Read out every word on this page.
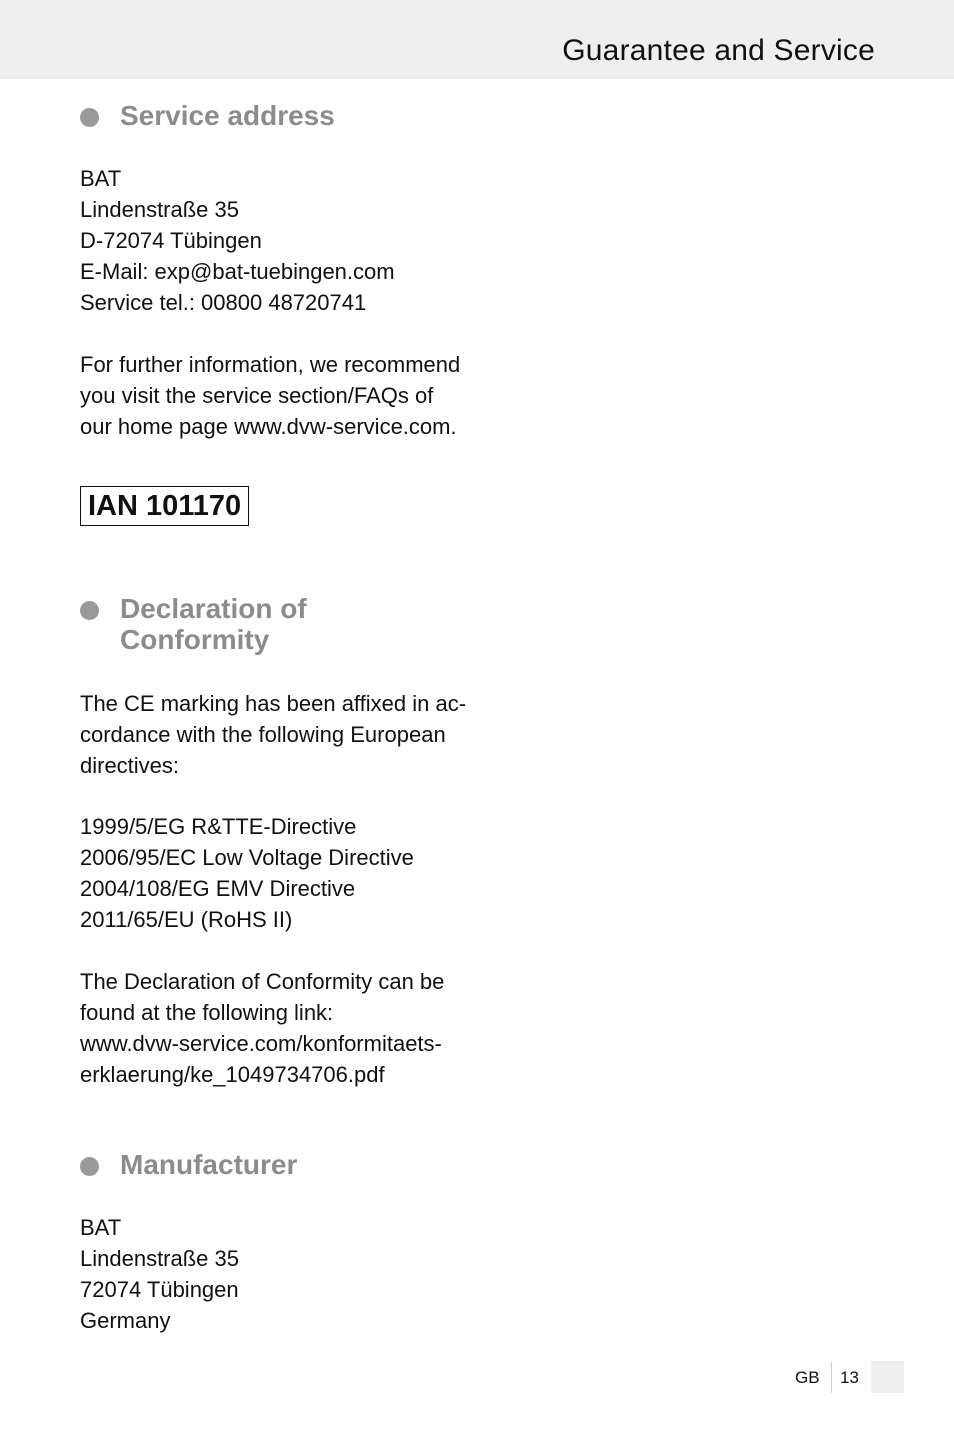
Guarantee and Service
Service address
BAT
Lindenstraße 35
D-72074 Tübingen
E-Mail: exp@bat-tuebingen.com
Service tel.: 00800 48720741
For further information, we recommend
you visit the service section/FAQs of
our home page www.dvw-service.com.
IAN 101170
Declaration of
Conformity
The CE marking has been affixed in ac-
cordance with the following European
directives:
1999/5/EG R&TTE-Directive
2006/95/EC Low Voltage Directive
2004/108/EG EMV Directive
2011/65/EU (RoHS II)
The Declaration of Conformity can be
found at the following link:
www.dvw-service.com/konformitaets-
erklaerung/ke_1049734706.pdf
Manufacturer
BAT
Lindenstraße 35
72074 Tübingen
Germany
GB 13
